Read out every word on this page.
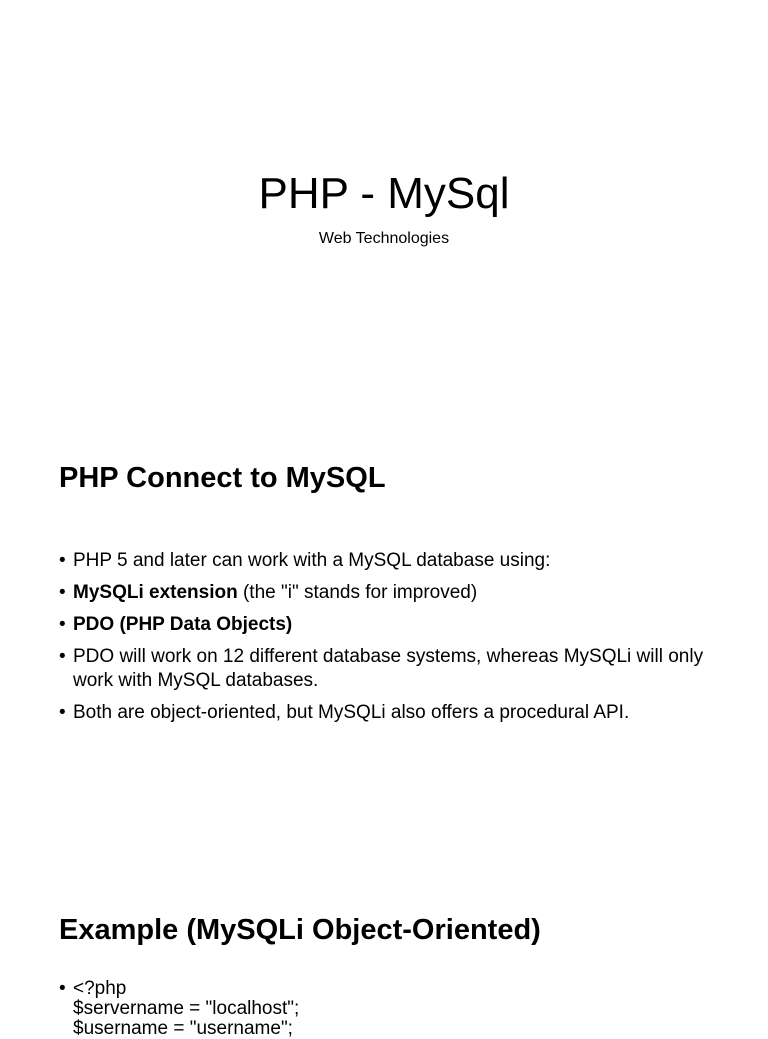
PHP - MySql

Web Technologies

PHP Connect to MySQL
• PHP 5 and later can work with a MySQL database using:
• MySQLi extension (the "i" stands for improved)
• PDO (PHP Data Objects)
• PDO will work on 12 different database systems, whereas MySQLi will only work with MySQL databases.
• Both are object-oriented, but MySQLi also offers a procedural API.
Example (MySQLi Object-Oriented)
• <?php
$servername = "localhost";
$username = "username";
